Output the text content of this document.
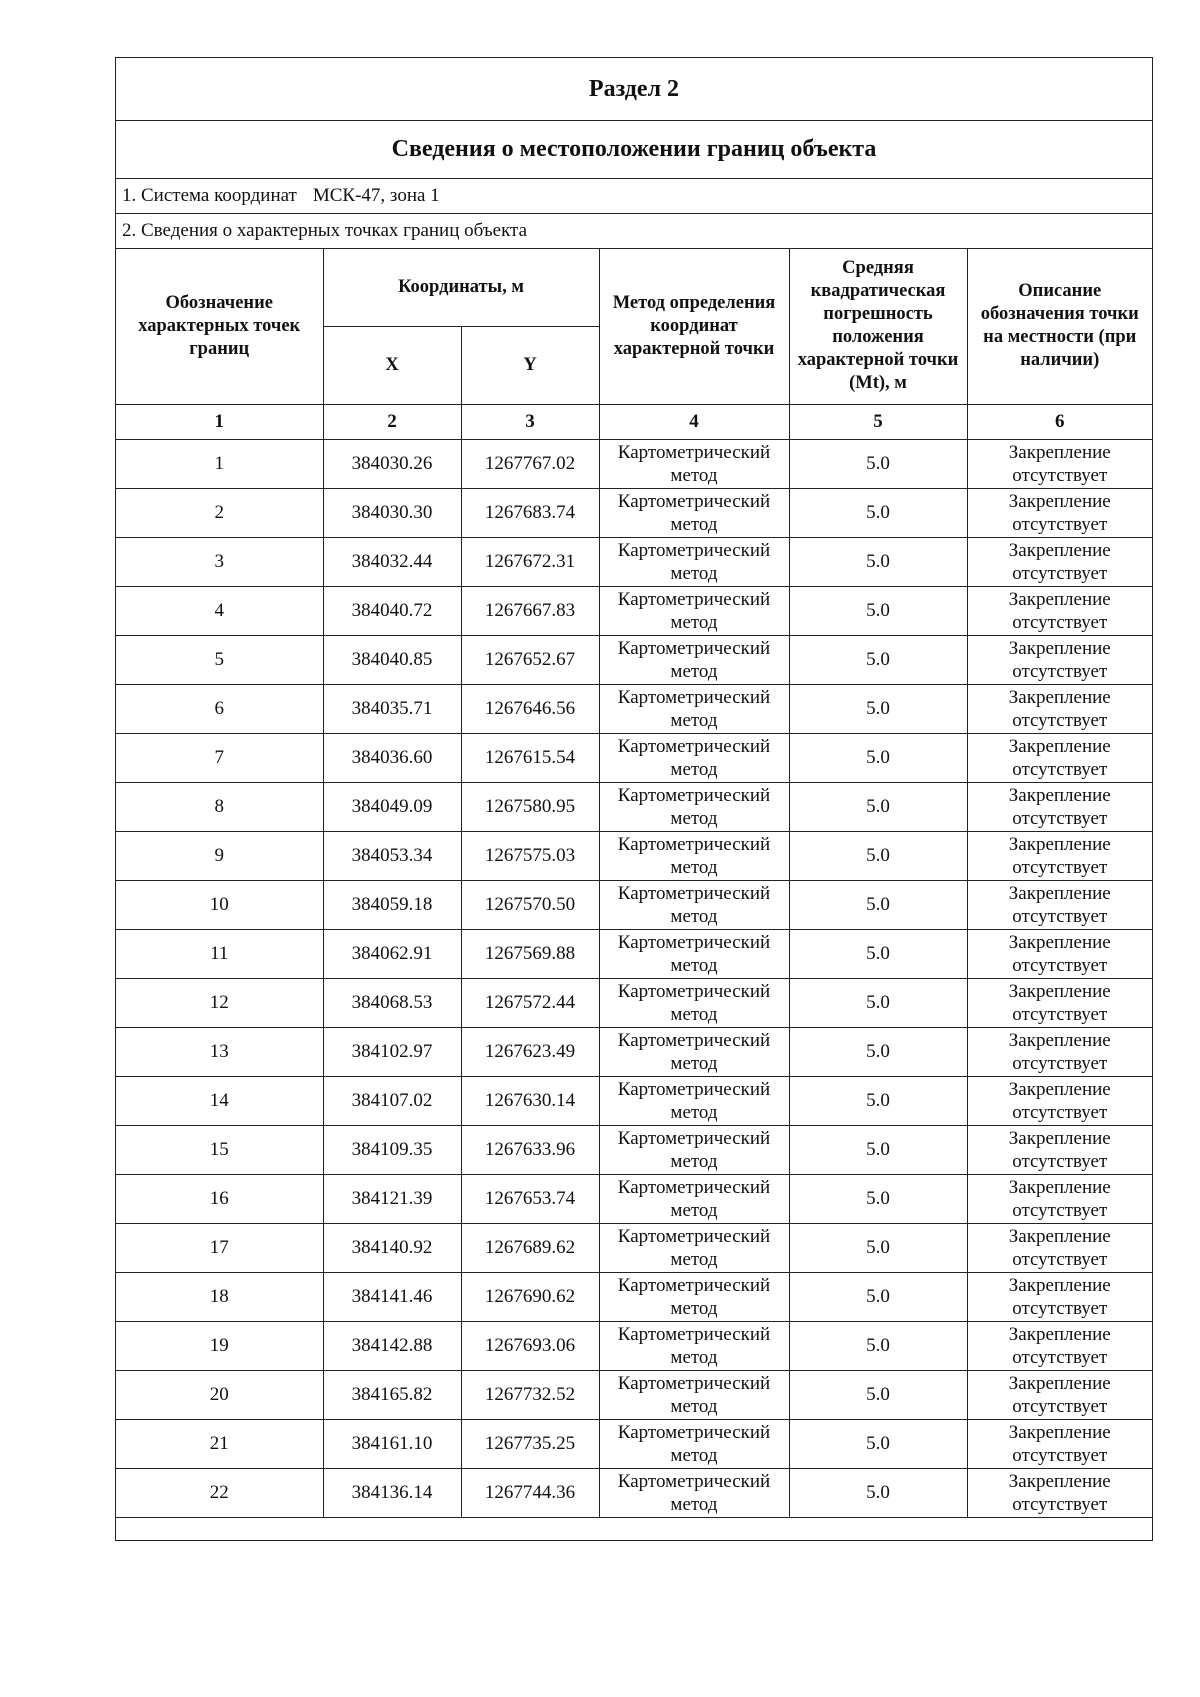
Раздел 2
Сведения о местоположении границ объекта
1. Система координат МСК-47, зона 1
2. Сведения о характерных точках границ объекта
Обозначение характерных точек границ	Координаты, м		Метод определения координат характерной точки	Средняя квадратическая погрешность положения характерной точки (Mt), м	Описание обозначения точки на местности (при наличии)
	X	Y			
1	2	3	4	5	6
1	384030.26	1267767.02	Картометрический метод	5.0	Закрепление отсутствует
2	384030.30	1267683.74	Картометрический метод	5.0	Закрепление отсутствует
3	384032.44	1267672.31	Картометрический метод	5.0	Закрепление отсутствует
4	384040.72	1267667.83	Картометрический метод	5.0	Закрепление отсутствует
5	384040.85	1267652.67	Картометрический метод	5.0	Закрепление отсутствует
6	384035.71	1267646.56	Картометрический метод	5.0	Закрепление отсутствует
7	384036.60	1267615.54	Картометрический метод	5.0	Закрепление отсутствует
8	384049.09	1267580.95	Картометрический метод	5.0	Закрепление отсутствует
9	384053.34	1267575.03	Картометрический метод	5.0	Закрепление отсутствует
10	384059.18	1267570.50	Картометрический метод	5.0	Закрепление отсутствует
11	384062.91	1267569.88	Картометрический метод	5.0	Закрепление отсутствует
12	384068.53	1267572.44	Картометрический метод	5.0	Закрепление отсутствует
13	384102.97	1267623.49	Картометрический метод	5.0	Закрепление отсутствует
14	384107.02	1267630.14	Картометрический метод	5.0	Закрепление отсутствует
15	384109.35	1267633.96	Картометрический метод	5.0	Закрепление отсутствует
16	384121.39	1267653.74	Картометрический метод	5.0	Закрепление отсутствует
17	384140.92	1267689.62	Картометрический метод	5.0	Закрепление отсутствует
18	384141.46	1267690.62	Картометрический метод	5.0	Закрепление отсутствует
19	384142.88	1267693.06	Картометрический метод	5.0	Закрепление отсутствует
20	384165.82	1267732.52	Картометрический метод	5.0	Закрепление отсутствует
21	384161.10	1267735.25	Картометрический метод	5.0	Закрепление отсутствует
22	384136.14	1267744.36	Картометрический метод	5.0	Закрепление отсутствует
